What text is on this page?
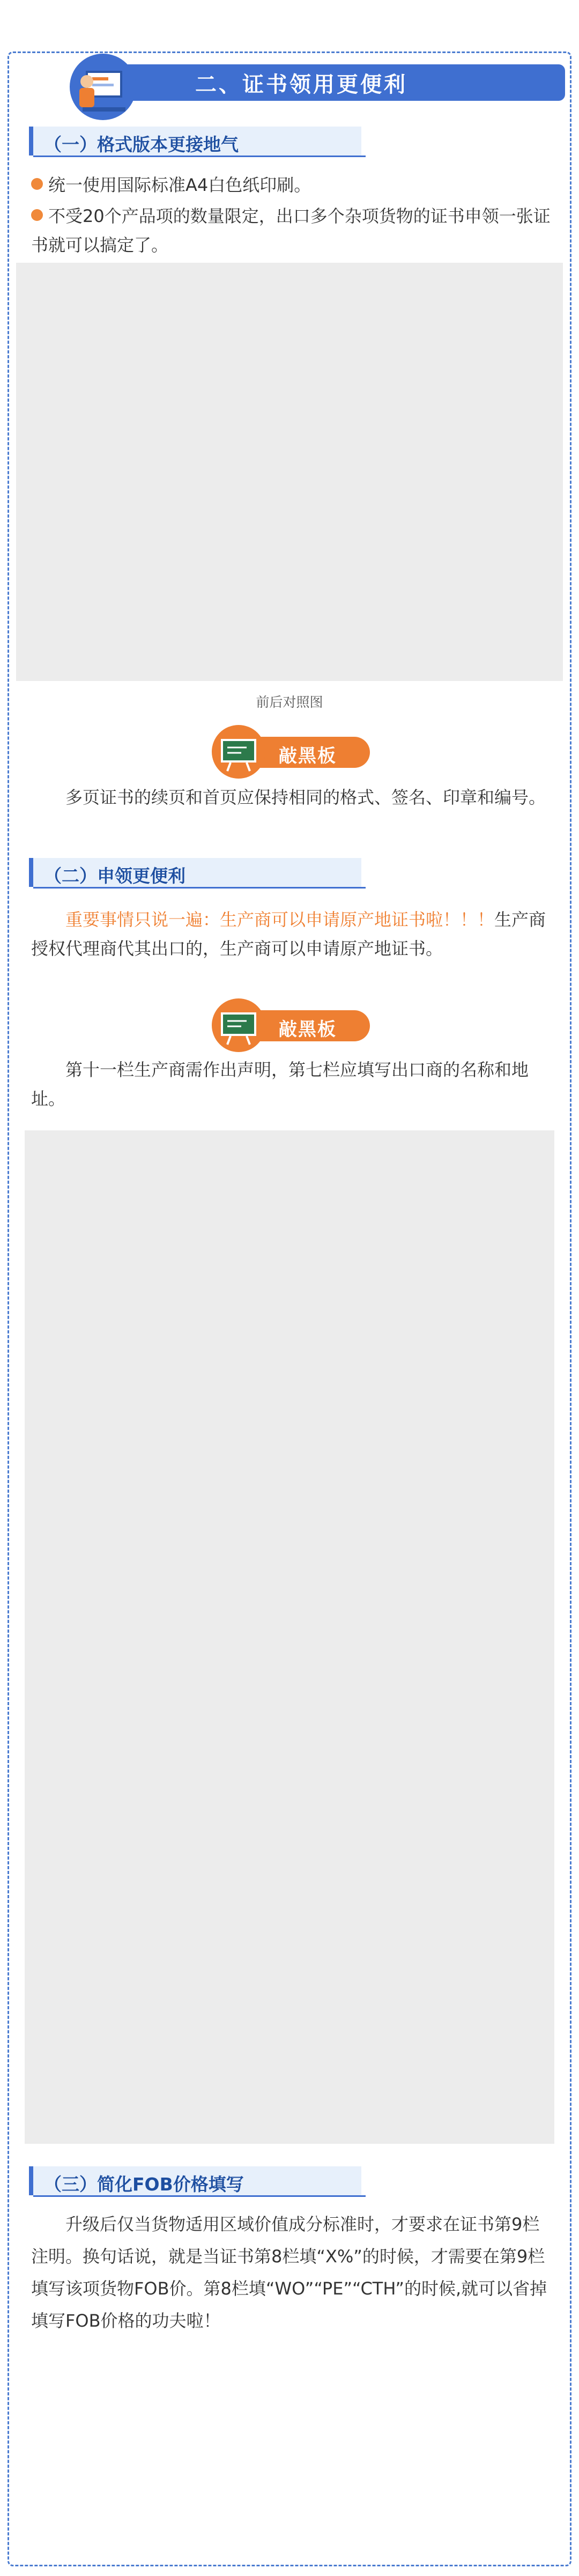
二、证书领用更便利
（一）格式版本更接地气

统一使用国际标准A4白色纸印刷。

不受20个产品项的数量限定，出口多个杂项货物的证书申领一张证书就可以搞定了。

前后对照图
敲黑板

多页证书的续页和首页应保持相同的格式、签名、印章和编号。

（二）申领更便利

重要事情只说一遍：生产商可以申请原产地证书啦！！！生产商授权代理商代其出口的，生产商可以申请原产地证书。

敲黑板

第十一栏生产商需作出声明，第七栏应填写出口商的名称和地址。

（三）简化FOB价格填写

升级后仅当货物适用区域价值成分标准时，才要求在证书第9栏注明。换句话说，就是当证书第8栏填“X%”的时候，才需要在第9栏填写该项货物FOB价。第8栏填“WO”“PE”“CTH”的时候,就可以省掉填写FOB价格的功夫啦！
